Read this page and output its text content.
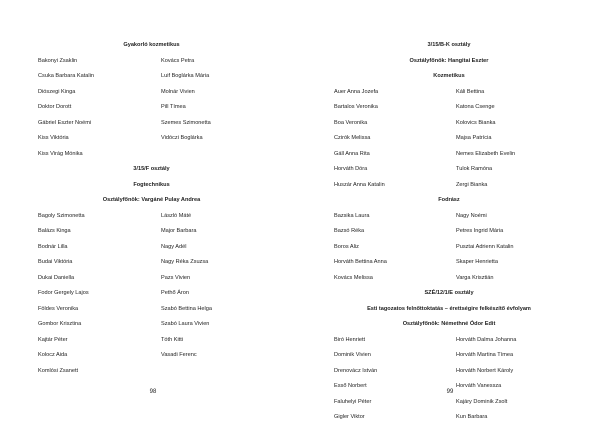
Gyakorló kozmetikus
Bakonyi Zsaklin	Kovács Petra
Csuka Barbara Katalin	Luif Boglárka Mária
Diószegi Kinga	Molnár Vivien
Doktor Dorott	Pill Tímea
Gábriel Eszter Noémi	Szemes Szimonetta
Kiss Viktória	Vidóczi Boglárka
Kiss Virág Mónika
3/15/F osztály
Fogtechnikus
Osztályfőnök: Vargáné Pulay Andrea
Bagoly Szimonetta	László Máté
Balázs Kinga	Major Barbara
Bodnár Lilla	Nagy Adél
Budai Viktória	Nagy Réka Zsuzsa
Dukai Daniella	Pazs Vivien
Fodor Gergely Lajos	Pethő Áron
Földes Veronika	Szabó Bettina Helga
Gombor Krisztina	Szabó Laura Vivien
Kajtár Péter	Tóth Kitti
Kolocz Aida	Vasadi Ferenc
Komlósi Zsanett
98
3/15/B-K osztály
Osztályfőnök: Hangitai Eszter
Kozmetikus
Auer Anna Jozefa	Káli Bettina
Bartalos Veronika	Katona Csenge
Boa Veronika	Kolovics Bianka
Czirók Melissa	Majsa Patrícia
Gáll Anna Rita	Nemes Elizabeth Evelin
Horváth Dóra	Tulok Ramóna
Huszár Anna Katalin	Zergi Bianka
Fodrász
Bazsika Laura	Nagy Noémi
Bazsó Réka	Petres Ingrid Mária
Boros Aliz	Pusztai Adrienn Katalin
Horváth Bettina Anna	Skaper Henrietta
Kovács Melissa	Varga Krisztián
SZÉ/12/1/E osztály
Esti tagozatos felnőttoktatás – érettségire felkészítő évfolyam
Osztályfőnök: Némethné Ódor Edit
Biró Henriett	Horváth Dalma Johanna
Dominik Vivien	Horváth Martina Tímea
Drenovácz István	Horváth Norbert Károly
Esső Norbert	Horváth Vanessza
Faluhelyi Péter	Kajáry Dominik Zsolt
Gigler Viktor	Kun Barbara
99
